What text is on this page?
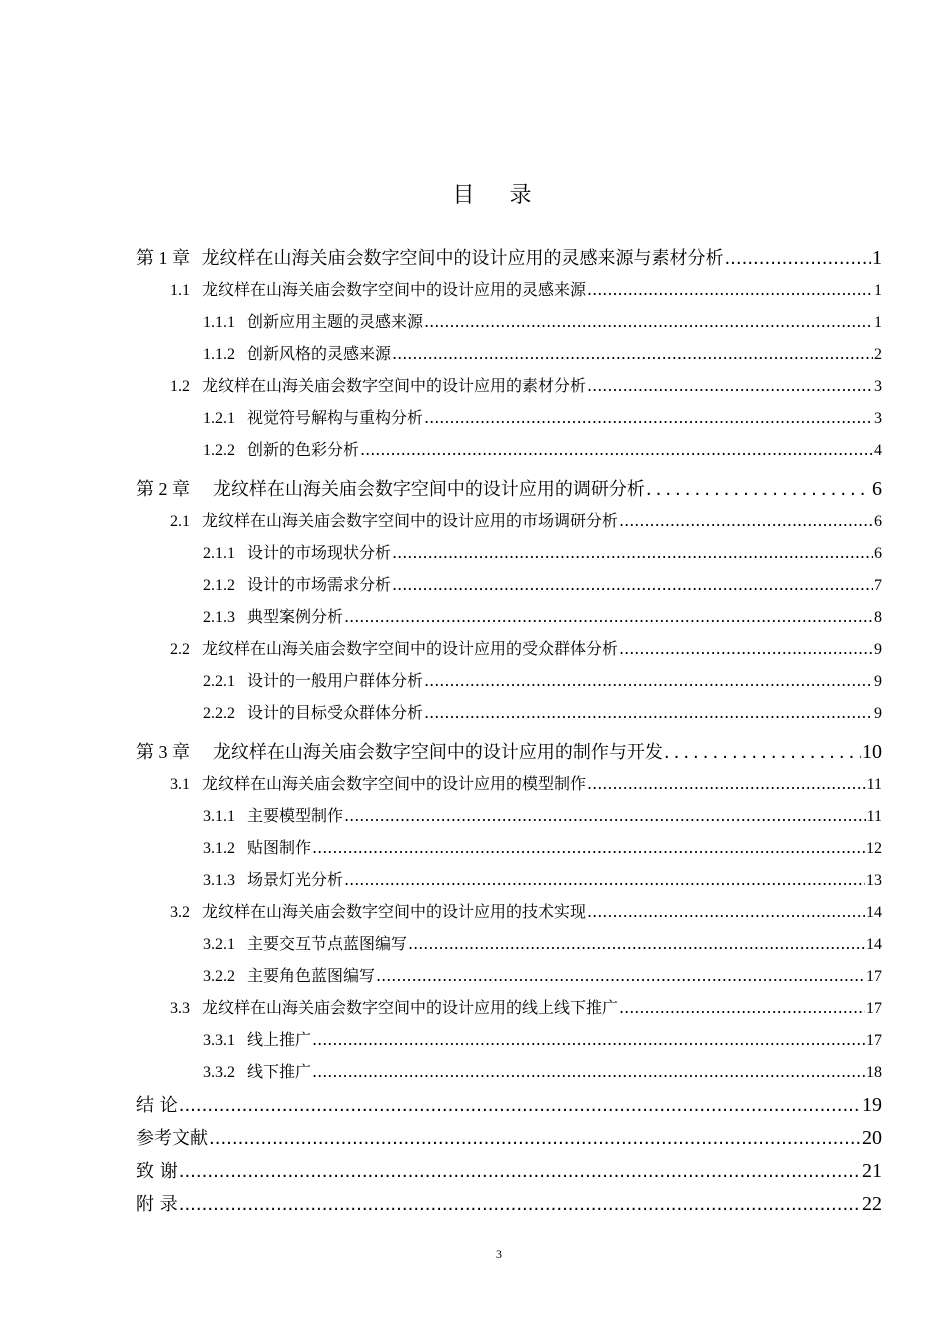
目 录
第 1 章 龙纹样在山海关庙会数字空间中的设计应用的灵感来源与素材分析 .....	1
1.1 龙纹样在山海关庙会数字空间中的设计应用的灵感来源 .....	1
1.1.1 创新应用主题的灵感来源 .....	1
1.1.2 创新风格的灵感来源 .....	2
1.2 龙纹样在山海关庙会数字空间中的设计应用的素材分析 .....	3
1.2.1 视觉符号解构与重构分析 .....	3
1.2.2 创新的色彩分析 .....	4
第 2 章 龙纹样在山海关庙会数字空间中的设计应用的调研分析 .....	6
2.1 龙纹样在山海关庙会数字空间中的设计应用的市场调研分析 .....	6
2.1.1 设计的市场现状分析 .....	6
2.1.2 设计的市场需求分析 .....	7
2.1.3 典型案例分析 .....	8
2.2 龙纹样在山海关庙会数字空间中的设计应用的受众群体分析 .....	9
2.2.1 设计的一般用户群体分析 .....	9
2.2.2 设计的目标受众群体分析 .....	9
第 3 章 龙纹样在山海关庙会数字空间中的设计应用的制作与开发 .....	10
3.1 龙纹样在山海关庙会数字空间中的设计应用的模型制作 .....	11
3.1.1 主要模型制作 .....	11
3.1.2 贴图制作 .....	12
3.1.3 场景灯光分析 .....	13
3.2 龙纹样在山海关庙会数字空间中的设计应用的技术实现 .....	14
3.2.1 主要交互节点蓝图编写 .....	14
3.2.2 主要角色蓝图编写 .....	17
3.3 龙纹样在山海关庙会数字空间中的设计应用的线上线下推广 .....	17
3.3.1 线上推广 .....	17
3.3.2 线下推广 .....	18
结 论 .....	19
参考文献 .....	20
致 谢 .....	21
附 录 .....	22
3
